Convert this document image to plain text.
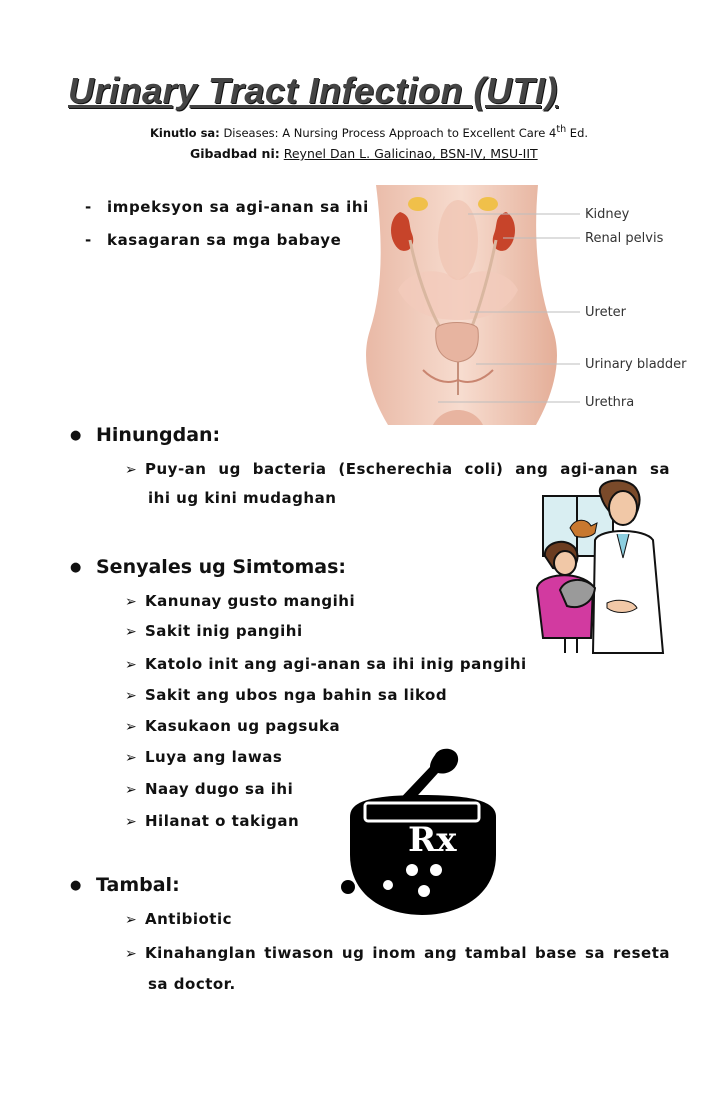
Urinary Tract Infection (UTI)
Kinutlo sa: Diseases: A Nursing Process Approach to Excellent Care 4th Ed.
Gibadbad ni: Reynel Dan L. Galicinao, BSN-IV, MSU-IIT
- impeksyon sa agi-anan sa ihi
- kasagaran sa mga babaye
Kidney
Renal pelvis
Ureter
Urinary bladder
Urethra
● Hinungdan:
➢ Puy-an ug bacteria (Escherechia coli) ang agi-anan sa
ihi ug kini mudaghan
● Senyales ug Simtomas:
➢ Kanunay gusto mangihi
➢ Sakit inig pangihi
➢ Katolo init ang agi-anan sa ihi inig pangihi
➢ Sakit ang ubos nga bahin sa likod
➢ Kasukaon ug pagsuka
➢ Luya ang lawas
➢ Naay dugo sa ihi
➢ Hilanat o takigan	Rx
● Tambal:
➢ Antibiotic
➢ Kinahanglan tiwason ug inom ang tambal base sa reseta
sa doctor.
